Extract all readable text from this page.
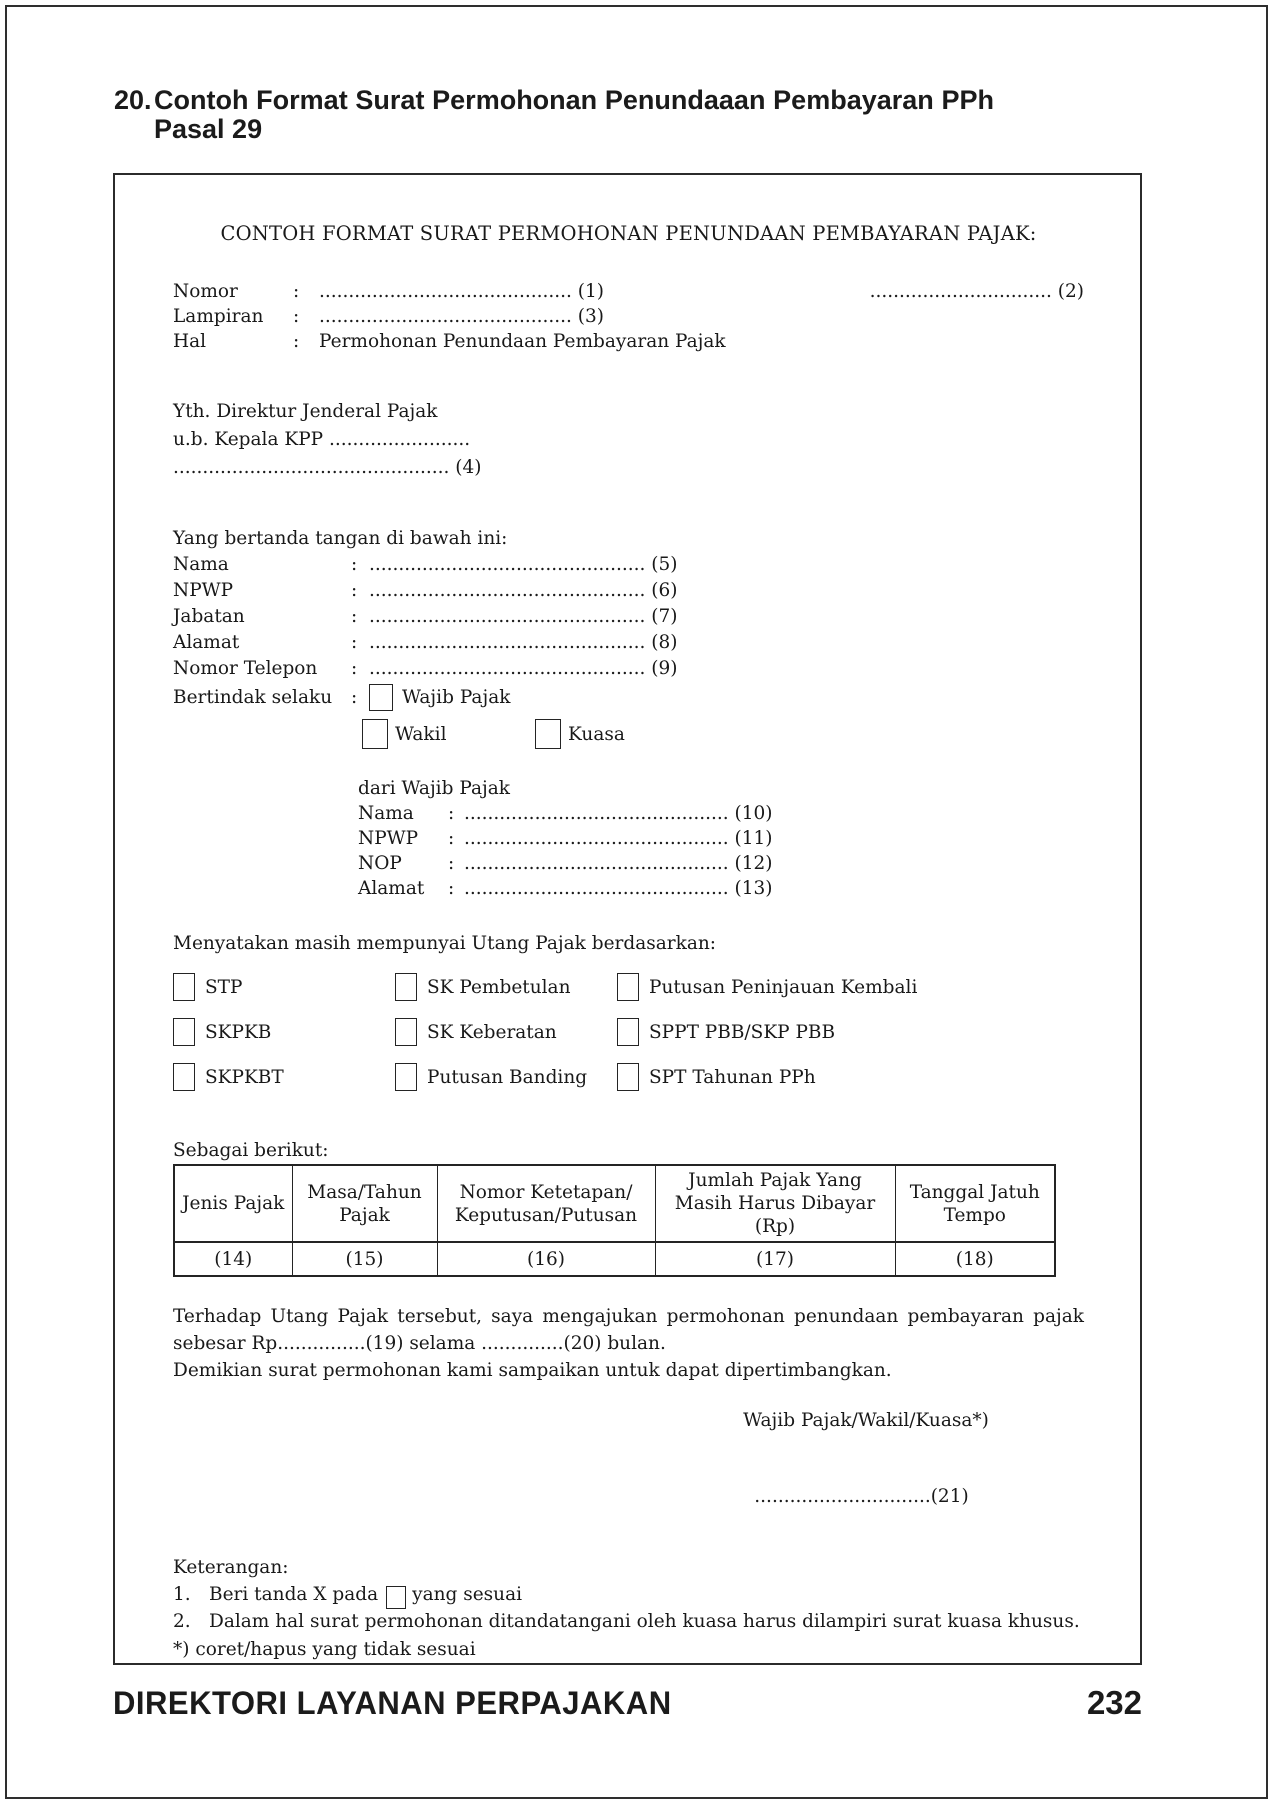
20. Contoh Format Surat Permohonan Penundaaan Pembayaran PPh
Pasal 29
CONTOH FORMAT SURAT PERMOHONAN PENUNDAAN PEMBAYARAN PAJAK:
Nomor	:	........................................... (1)	............................... (2)
Lampiran	:	........................................... (3)
Hal	:	Permohonan Penundaan Pembayaran Pajak
Yth. Direktur Jenderal Pajak
u.b. Kepala KPP ........................
............................................... (4)
Yang bertanda tangan di bawah ini:
Nama	: ............................................... (5)
NPWP	: ............................................... (6)
Jabatan	: ............................................... (7)
Alamat	: ............................................... (8)
Nomor Telepon	: ............................................... (9)
Bertindak selaku	:	Wajib Pajak
Wakil	Kuasa
dari Wajib Pajak
Nama	: ............................................. (10)
NPWP	: ............................................. (11)
NOP	: ............................................. (12)
Alamat	: ............................................. (13)
Menyatakan masih mempunyai Utang Pajak berdasarkan:
STP	SK Pembetulan	Putusan Peninjauan Kembali
SKPKB	SK Keberatan	SPPT PBB/SKP PBB
SKPKBT	Putusan Banding	SPT Tahunan PPh
Sebagai berikut:
Jenis Pajak	Masa/Tahun Pajak	Nomor Ketetapan/ Keputusan/Putusan	Jumlah Pajak Yang Masih Harus Dibayar (Rp)	Tanggal Jatuh Tempo
(14)	(15)	(16)	(17)	(18)
Terhadap Utang Pajak tersebut, saya mengajukan permohonan penundaan pembayaran pajak
sebesar Rp...............(19) selama ..............(20) bulan.
Demikian surat permohonan kami sampaikan untuk dapat dipertimbangkan.
Wajib Pajak/Wakil/Kuasa*)
..............................(21)
Keterangan:
1. Beri tanda X pada yang sesuai
2. Dalam hal surat permohonan ditandatangani oleh kuasa harus dilampiri surat kuasa khusus.
*) coret/hapus yang tidak sesuai
DIREKTORI LAYANAN PERPAJAKAN	232
